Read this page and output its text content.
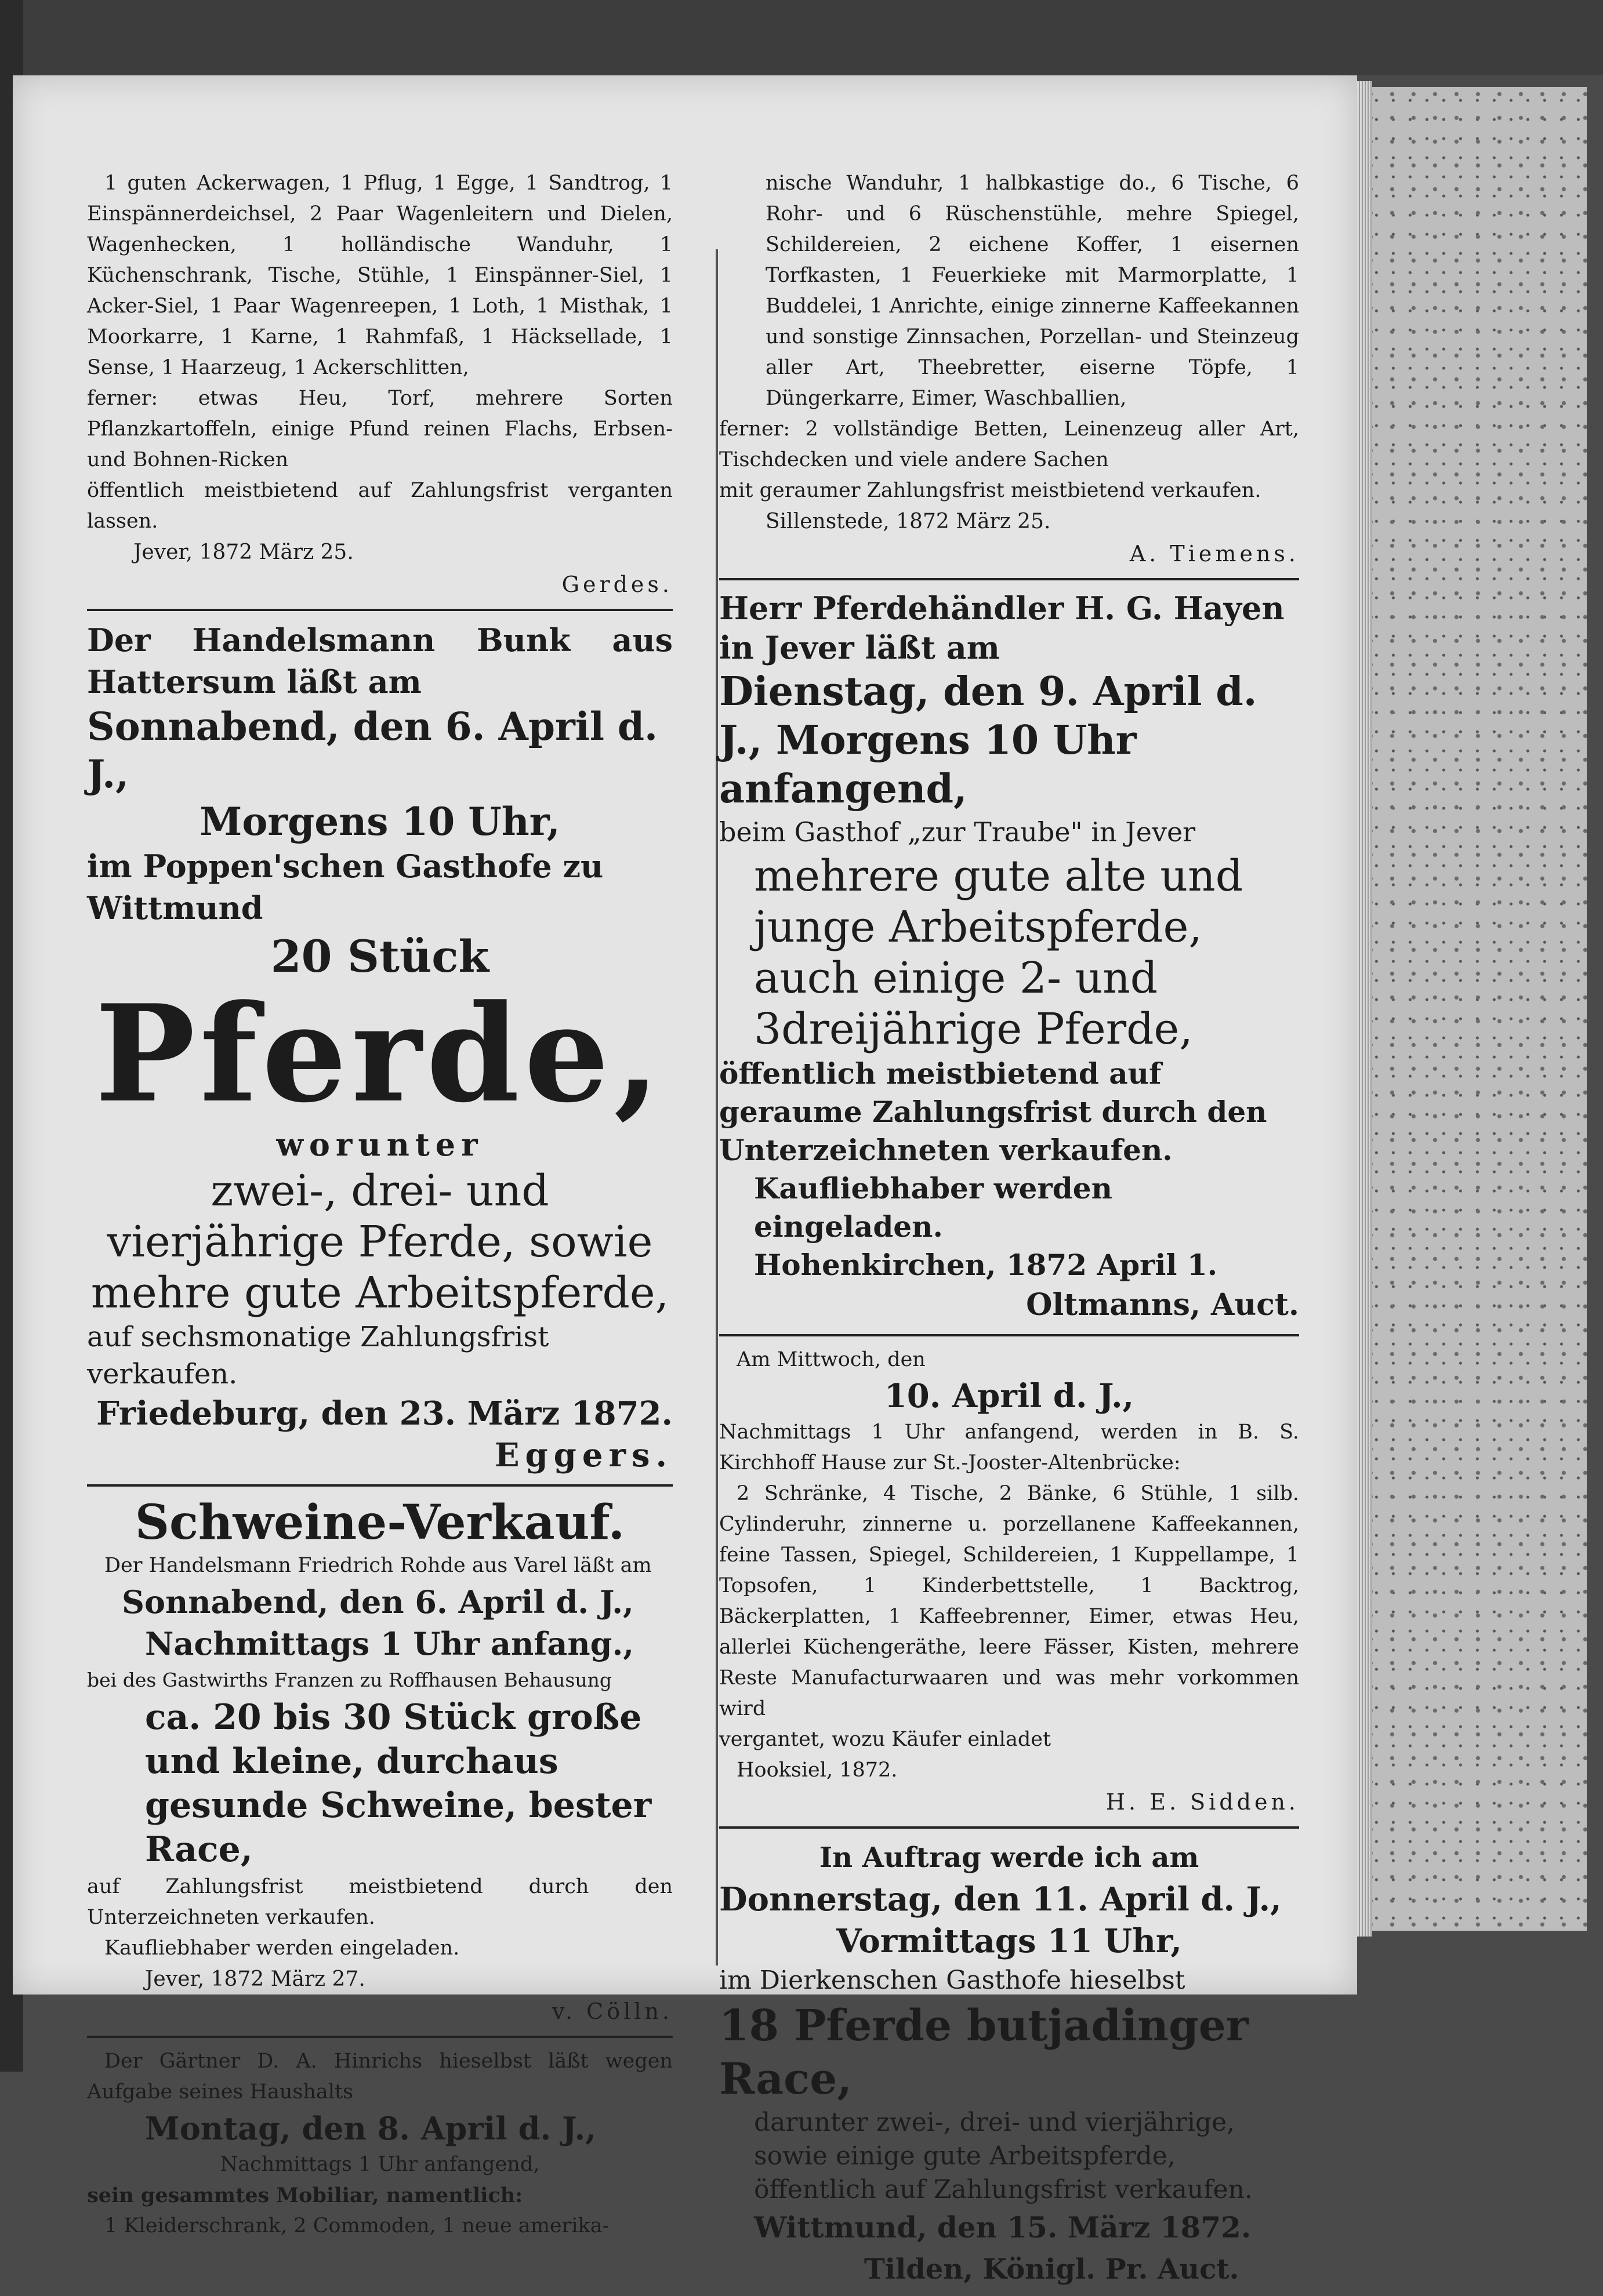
1 guten Ackerwagen, 1 Pflug, 1 Egge, 1 Sandtrog, 1 Einspännerdeichsel, 2 Paar Wagenleitern und Dielen, Wagenhecken, 1 holländische Wanduhr, 1 Küchenschrank, Tische, Stühle, 1 Einspänner-Siel, 1 Acker-Siel, 1 Paar Wagenreepen, 1 Loth, 1 Misthak, 1 Moorkarre, 1 Karne, 1 Rahmfaß, 1 Häcksellade, 1 Sense, 1 Haarzeug, 1 Ackerschlitten,

ferner: etwas Heu, Torf, mehrere Sorten Pflanzkartoffeln, einige Pfund reinen Flachs, Erbsen- und Bohnen-Ricken

öffentlich meistbietend auf Zahlungsfrist verganten lassen.

Jever, 1872 März 25.

Gerdes.

Der Handelsmann Bunk aus Hattersum läßt am

Sonnabend, den 6. April d. J.,

Morgens 10 Uhr,

im Poppen'schen Gasthofe zu Wittmund

20 Stück

Pferde,

worunter

zwei-, drei- und vierjährige Pferde, sowie mehre gute Arbeitspferde,

auf sechsmonatige Zahlungsfrist verkaufen.

Friedeburg, den 23. März 1872.

Eggers.

Schweine-Verkauf.

Der Handelsmann Friedrich Rohde aus Varel läßt am

Sonnabend, den 6. April d. J.,

Nachmittags 1 Uhr anfang.,

bei des Gastwirths Franzen zu Roffhausen Behausung

ca. 20 bis 30 Stück große und kleine, durchaus gesunde Schweine, bester Race,

auf Zahlungsfrist meistbietend durch den Unterzeichneten verkaufen.

Kaufliebhaber werden eingeladen.

Jever, 1872 März 27.

v. Cölln.

Der Gärtner D. A. Hinrichs hieselbst läßt wegen Aufgabe seines Haushalts

Montag, den 8. April d. J.,

Nachmittags 1 Uhr anfangend,

sein gesammtes Mobiliar, namentlich:

1 Kleiderschrank, 2 Commoden, 1 neue amerika-

nische Wanduhr, 1 halbkastige do., 6 Tische, 6 Rohr- und 6 Rüschenstühle, mehre Spiegel, Schildereien, 2 eichene Koffer, 1 eisernen Torfkasten, 1 Feuerkieke mit Marmorplatte, 1 Buddelei, 1 Anrichte, einige zinnerne Kaffeekannen und sonstige Zinnsachen, Porzellan- und Steinzeug aller Art, Theebretter, eiserne Töpfe, 1 Düngerkarre, Eimer, Waschballien,

ferner: 2 vollständige Betten, Leinenzeug aller Art, Tischdecken und viele andere Sachen

mit geraumer Zahlungsfrist meistbietend verkaufen.

Sillenstede, 1872 März 25.

A. Tiemens.

Herr Pferdehändler H. G. Hayen in Jever läßt am

Dienstag, den 9. April d. J., Morgens 10 Uhr anfangend,

beim Gasthof „zur Traube" in Jever

mehrere gute alte und junge Arbeitspferde, auch einige 2- und 3dreijährige Pferde,

öffentlich meistbietend auf geraume Zahlungsfrist durch den Unterzeichneten verkaufen.

Kaufliebhaber werden eingeladen.

Hohenkirchen, 1872 April 1.

Oltmanns, Auct.

Am Mittwoch, den

10. April d. J.,

Nachmittags 1 Uhr anfangend, werden in B. S. Kirchhoff Hause zur St.-Jooster-Altenbrücke:

2 Schränke, 4 Tische, 2 Bänke, 6 Stühle, 1 silb. Cylinderuhr, zinnerne u. porzellanene Kaffeekannen, feine Tassen, Spiegel, Schildereien, 1 Kuppellampe, 1 Topsofen, 1 Kinderbettstelle, 1 Backtrog, Bäckerplatten, 1 Kaffeebrenner, Eimer, etwas Heu, allerlei Küchengeräthe, leere Fässer, Kisten, mehrere Reste Manufacturwaaren und was mehr vorkommen wird

vergantet, wozu Käufer einladet

Hooksiel, 1872.

H. E. Sidden.

In Auftrag werde ich am

Donnerstag, den 11. April d. J.,

Vormittags 11 Uhr,

im Dierkenschen Gasthofe hieselbst

18 Pferde butjadinger Race,

darunter zwei-, drei- und vierjährige, sowie einige gute Arbeitspferde, öffentlich auf Zahlungsfrist verkaufen.

Wittmund, den 15. März 1872.

Tilden, Königl. Pr. Auct.
